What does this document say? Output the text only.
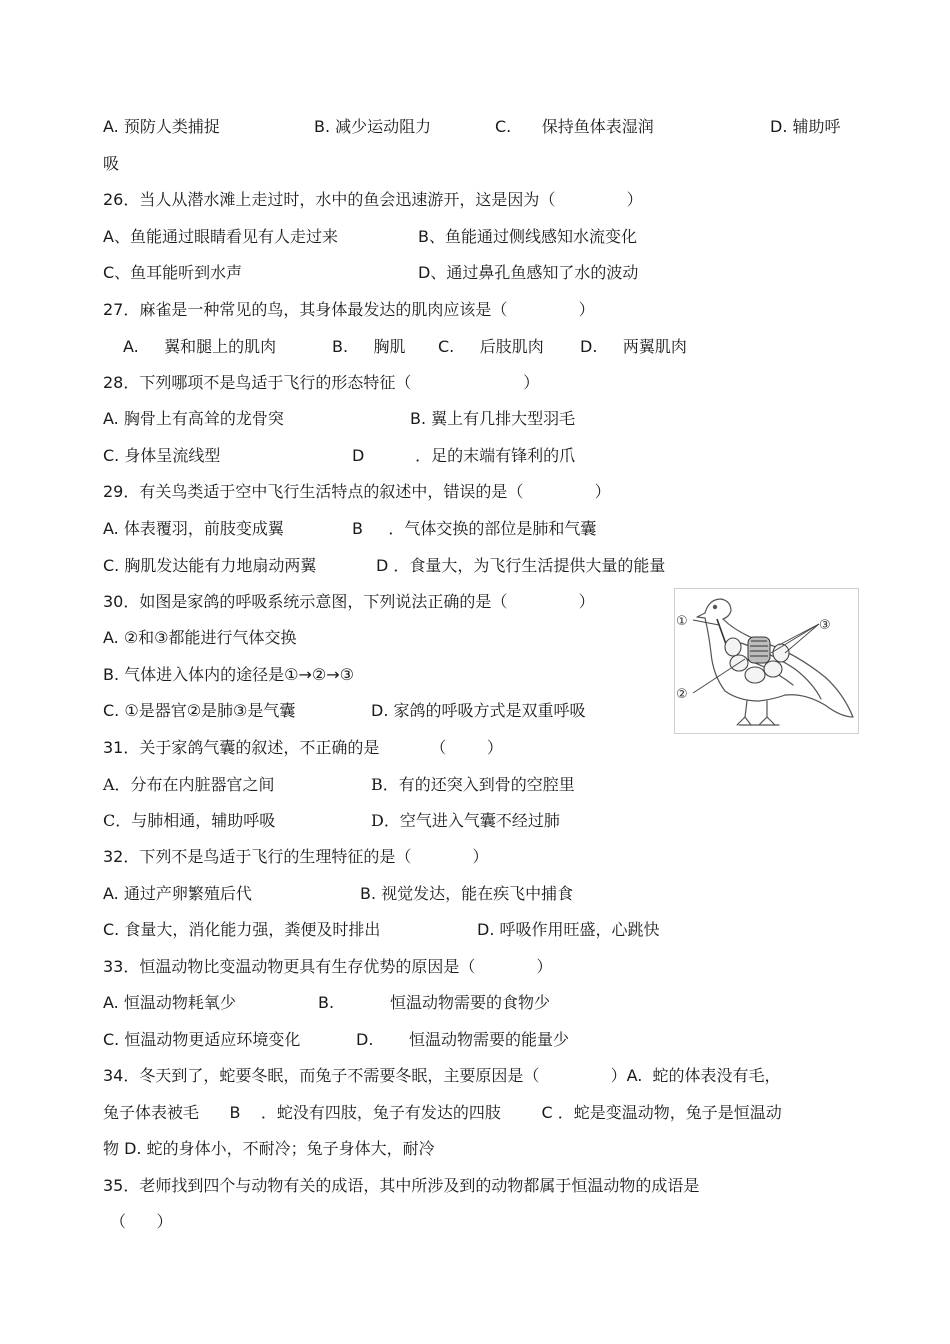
A. 预防人类捕捉	B. 减少运动阻力	C.      保持鱼体表湿润	D. 辅助呼
吸
26．当人从潜水滩上走过时，水中的鱼会迅速游开，这是因为（              ）
A、鱼能通过眼睛看见有人走过来	B、鱼能通过侧线感知水流变化
C、鱼耳能听到水声	D、通过鼻孔鱼感知了水的波动
27．麻雀是一种常见的鸟，其身体最发达的肌肉应该是（              ）
A.     翼和腿上的肌肉	B.     胸肌 C.     后肢肌肉 D.     两翼肌肉
28．下列哪项不是鸟适于飞行的形态特征（                      ）
A. 胸骨上有高耸的龙骨突	B. 翼上有几排大型羽毛
C. 身体呈流线型	D          ．足的末端有锋利的爪
29．有关鸟类适于空中飞行生活特点的叙述中，错误的是（              ）
A. 体表覆羽，前肢变成翼	B     ．气体交换的部位是肺和气囊
C. 胸肌发达能有力地扇动两翼	D ．食量大，为飞行生活提供大量的能量
30．如图是家鸽的呼吸系统示意图，下列说法正确的是（              ）
A. ②和③都能进行气体交换
B. 气体进入体内的途径是①→②→③
C. ①是器官②是肺③是气囊	D. 家鸽的呼吸方式是双重呼吸
①
②
③
31．关于家鸽气囊的叙述，不正确的是          （        ）
A．分布在内脏器官之间	B．有的还突入到骨的空腔里
C．与肺相通，辅助呼吸	D．空气进入气囊不经过肺
32．下列不是鸟适于飞行的生理特征的是（            ）
A. 通过产卵繁殖后代	B. 视觉发达，能在疾飞中捕食
C. 食量大，消化能力强，粪便及时排出	D. 呼吸作用旺盛，心跳快
33．恒温动物比变温动物更具有生存优势的原因是（            ）
A. 恒温动物耗氧少	B.           恒温动物需要的食物少
C. 恒温动物更适应环境变化	D.       恒温动物需要的能量少
34．冬天到了，蛇要冬眠，而兔子不需要冬眠，主要原因是（              ）A.  蛇的体表没有毛，
兔子体表被毛      B    ．蛇没有四肢，兔子有发达的四肢        C ．蛇是变温动物，兔子是恒温动
物 D. 蛇的身体小，不耐冷；兔子身体大，耐冷
35．老师找到四个与动物有关的成语，其中所涉及到的动物都属于恒温动物的成语是
（      ）
